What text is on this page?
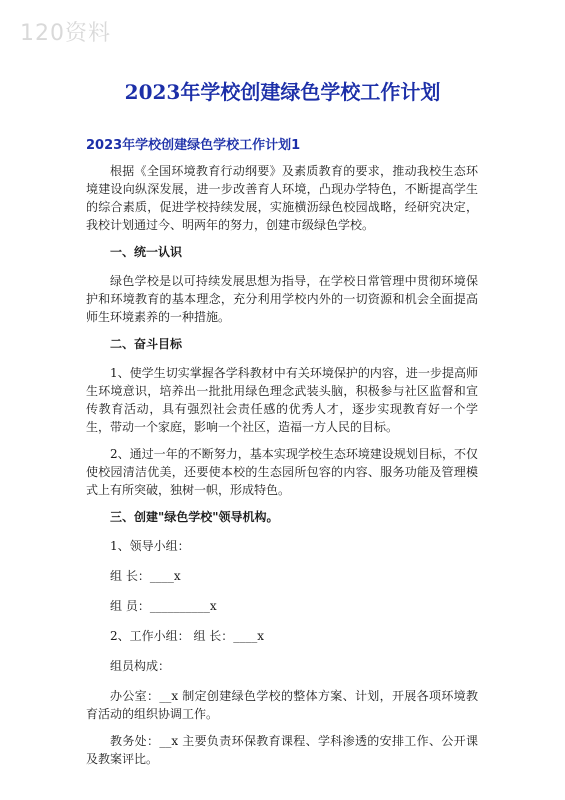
120资料
2023年学校创建绿色学校工作计划
2023年学校创建绿色学校工作计划1

根据《全国环境教育行动纲要》及素质教育的要求，推动我校生态环境建设向纵深发展，进一步改善育人环境，凸现办学特色，不断提高学生的综合素质，促进学校持续发展，实施横沥绿色校园战略，经研究决定，我校计划通过今、明两年的努力，创建市级绿色学校。

一、统一认识

绿色学校是以可持续发展思想为指导，在学校日常管理中贯彻环境保护和环境教育的基本理念，充分利用学校内外的一切资源和机会全面提高师生环境素养的一种措施。

二、奋斗目标

1、使学生切实掌握各学科教材中有关环境保护的内容，进一步提高师生环境意识，培养出一批批用绿色理念武装头脑，积极参与社区监督和宣传教育活动，具有强烈社会责任感的优秀人才，逐步实现教育好一个学生，带动一个家庭，影响一个社区，造福一方人民的目标。

2、通过一年的不断努力，基本实现学校生态环境建设规划目标，不仅使校园清洁优美，还要使本校的生态园所包容的内容、服务功能及管理模式上有所突破，独树一帜，形成特色。

三、创建"绿色学校"领导机构。

1、领导小组：

组 长：____x

组 员：__________x

2、工作小组： 组 长：____x

组员构成：

办公室：__x 制定创建绿色学校的整体方案、计划，开展各项环境教育活动的组织协调工作。

教务处：__x 主要负责环保教育课程、学科渗透的安排工作、公开课及教案评比。
